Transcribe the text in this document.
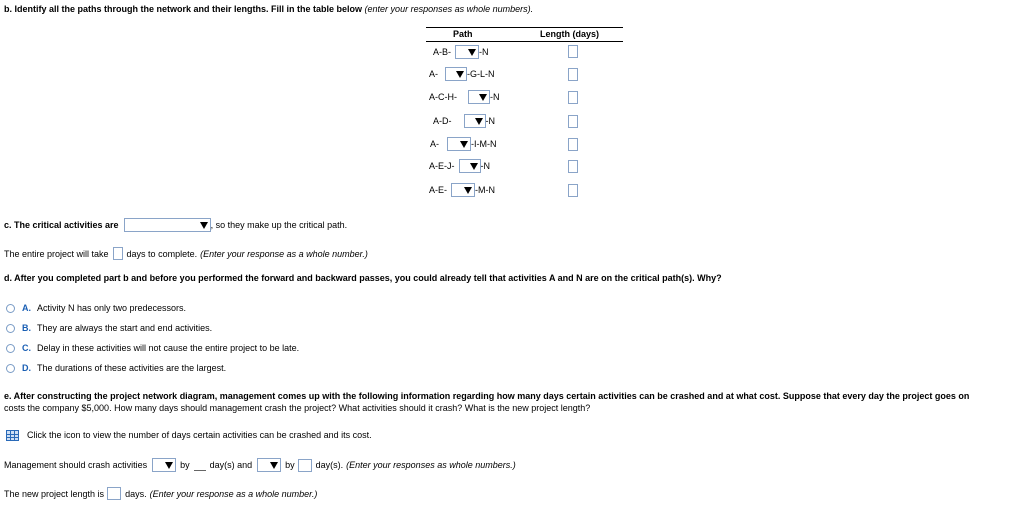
b. Identify all the paths through the network and their lengths. Fill in the table below (enter your responses as whole numbers).
Path	Length (days)
A-B-	-N
A-	-G-L-N
A-C-H-	-N
A-D-	-N
A-	-I-M-N
A-E-J-	-N
A-E-	-M-N
c. The critical activities are	, so they make up the critical path.
The entire project will take days to complete. (Enter your response as a whole number.)
d. After you completed part b and before you performed the forward and backward passes, you could already tell that activities A and N are on the critical path(s). Why?
A. Activity N has only two predecessors.
B. They are always the start and end activities.
C. Delay in these activities will not cause the entire project to be late.
D. The durations of these activities are the largest.
e. After constructing the project network diagram, management comes up with the following information regarding how many days certain activities can be crashed and at what cost. Suppose that every day the project goes on
costs the company $5,000. How many days should management crash the project? What activities should it crash? What is the new project length?
Click the icon to view the number of days certain activities can be crashed and its cost.
Management should crash activities	by day(s) and	by day(s). (Enter your responses as whole numbers.)
The new project length is days. (Enter your response as a whole number.)
